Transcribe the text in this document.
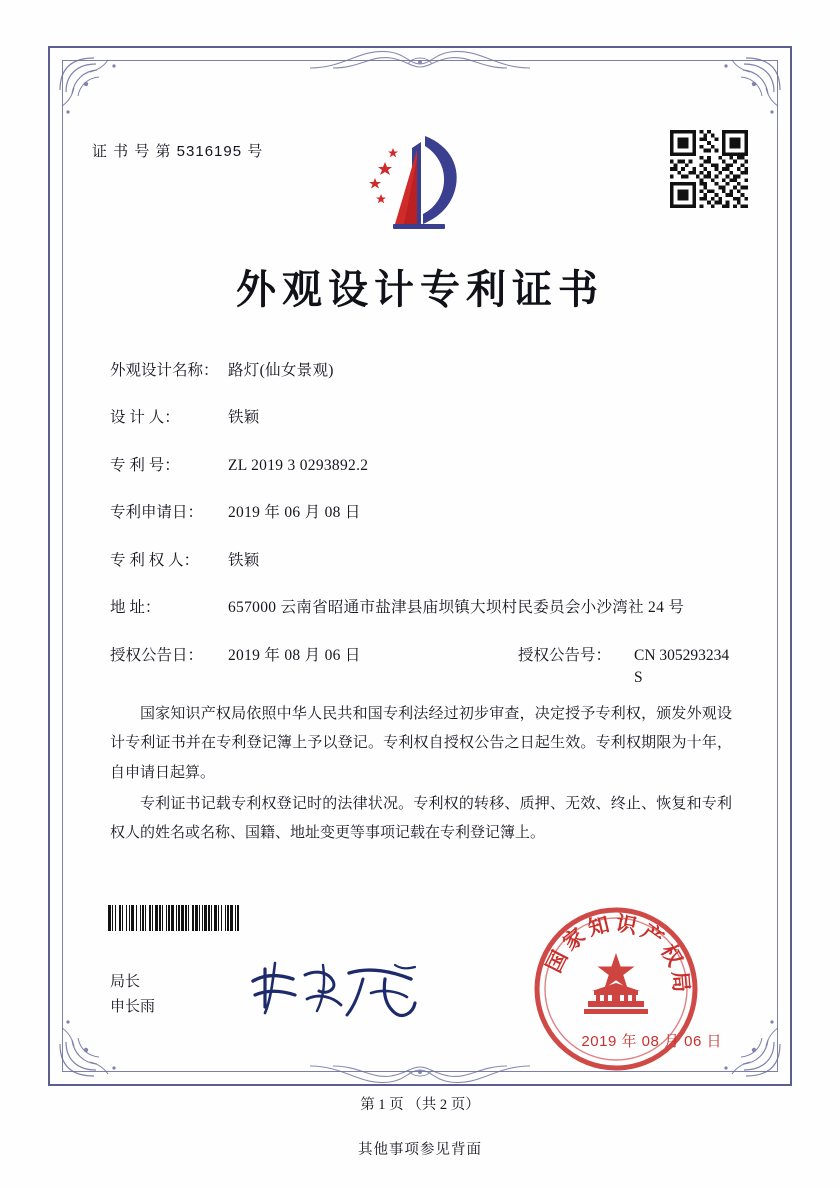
证 书 号 第 5316195 号
外观设计专利证书
外观设计名称： 路灯(仙女景观)
设 计 人：	铁颖
专 利 号：	ZL 2019 3 0293892.2
专利申请日：	2019 年 06 月 08 日
专 利 权 人：	铁颖
地 址：	657000 云南省昭通市盐津县庙坝镇大坝村民委员会小沙湾社 24 号
授权公告日：	2019 年 08 月 06 日	授权公告号：	CN 305293234 S

国家知识产权局依照中华人民共和国专利法经过初步审查，决定授予专利权，颁发外观设计专利证书并在专利登记簿上予以登记。专利权自授权公告之日起生效。专利权期限为十年，自申请日起算。

专利证书记载专利权登记时的法律状况。专利权的转移、质押、无效、终止、恢复和专利权人的姓名或名称、国籍、地址变更等事项记载在专利登记簿上。

局长
申长雨
国家知识产权局
2019 年 08 月 06 日
第 1 页 （共 2 页）
其他事项参见背面
